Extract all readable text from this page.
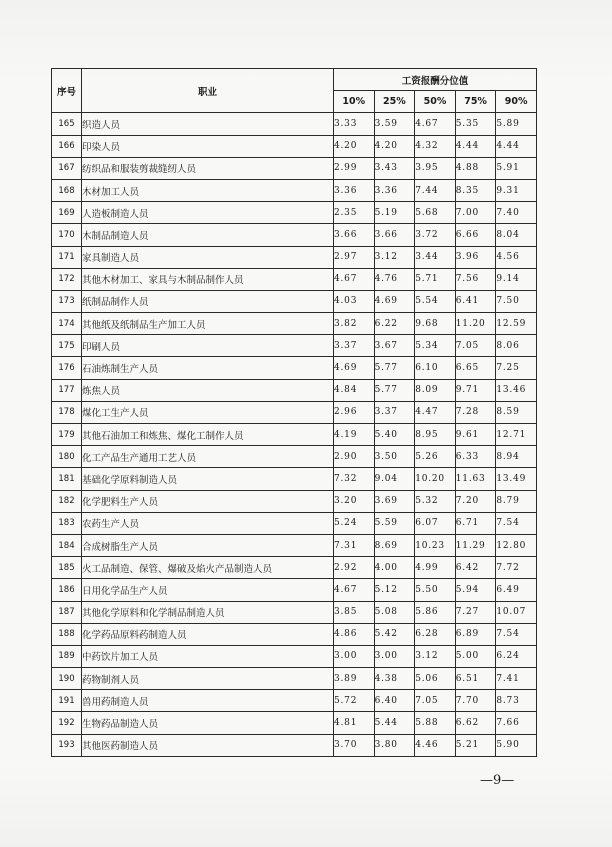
序号	职业	工资报酬分位值				
		10%	25%	50%	75%	90%
165	织造人员	3.33	3.59	4.67	5.35	5.89
166	印染人员	4.20	4.20	4.32	4.44	4.44
167	纺织品和服装剪裁缝纫人员	2.99	3.43	3.95	4.88	5.91
168	木材加工人员	3.36	3.36	7.44	8.35	9.31
169	人造板制造人员	2.35	5.19	5.68	7.00	7.40
170	木制品制造人员	3.66	3.66	3.72	6.66	8.04
171	家具制造人员	2.97	3.12	3.44	3.96	4.56
172	其他木材加工、家具与木制品制作人员	4.67	4.76	5.71	7.56	9.14
173	纸制品制作人员	4.03	4.69	5.54	6.41	7.50
174	其他纸及纸制品生产加工人员	3.82	6.22	9.68	11.20	12.59
175	印刷人员	3.37	3.67	5.34	7.05	8.06
176	石油炼制生产人员	4.69	5.77	6.10	6.65	7.25
177	炼焦人员	4.84	5.77	8.09	9.71	13.46
178	煤化工生产人员	2.96	3.37	4.47	7.28	8.59
179	其他石油加工和炼焦、煤化工制作人员	4.19	5.40	8.95	9.61	12.71
180	化工产品生产通用工艺人员	2.90	3.50	5.26	6.33	8.94
181	基础化学原料制造人员	7.32	9.04	10.20	11.63	13.49
182	化学肥料生产人员	3.20	3.69	5.32	7.20	8.79
183	农药生产人员	5.24	5.59	6.07	6.71	7.54
184	合成树脂生产人员	7.31	8.69	10.23	11.29	12.80
185	火工品制造、保管、爆破及焰火产品制造人员	2.92	4.00	4.99	6.42	7.72
186	日用化学品生产人员	4.67	5.12	5.50	5.94	6.49
187	其他化学原料和化学制品制造人员	3.85	5.08	5.86	7.27	10.07
188	化学药品原料药制造人员	4.86	5.42	6.28	6.89	7.54
189	中药饮片加工人员	3.00	3.00	3.12	5.00	6.24
190	药物制剂人员	3.89	4.38	5.06	6.51	7.41
191	兽用药制造人员	5.72	6.40	7.05	7.70	8.73
192	生物药品制造人员	4.81	5.44	5.88	6.62	7.66
193	其他医药制造人员	3.70	3.80	4.46	5.21	5.90
—9—
